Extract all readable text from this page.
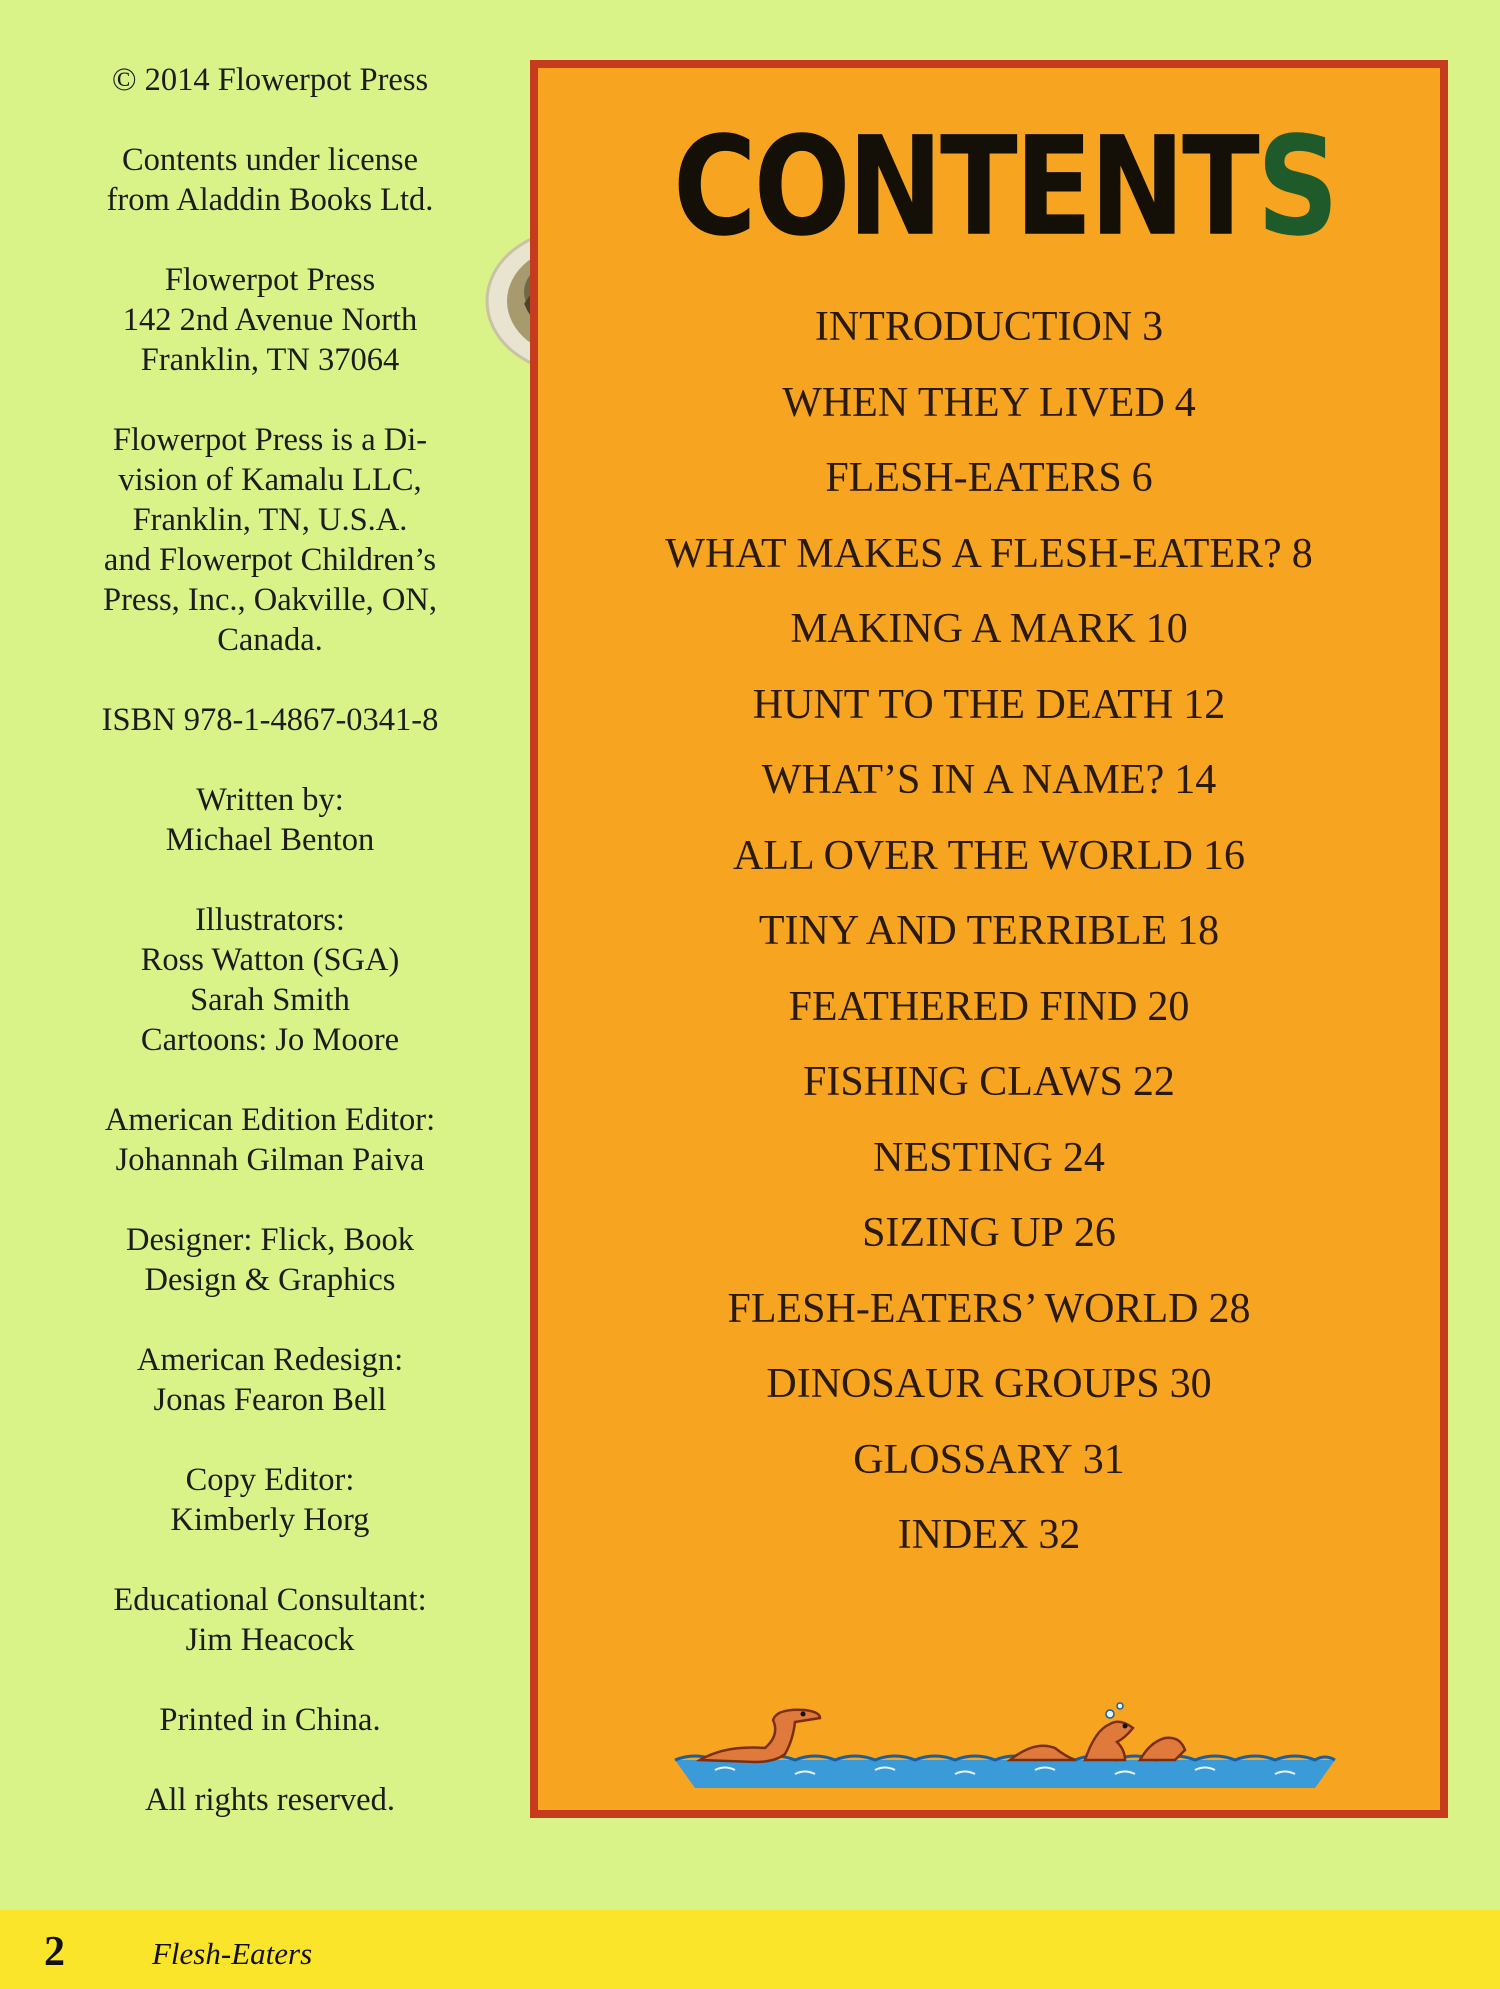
© 2014 Flowerpot Press

Contents under license

from Aladdin Books Ltd.

Flowerpot Press

142 2nd Avenue North

Franklin, TN 37064

Flowerpot Press is a Di-

vision of Kamalu LLC,

Franklin, TN, U.S.A.

and Flowerpot Children’s

Press, Inc., Oakville, ON,

Canada.

ISBN 978-1-4867-0341-8

Written by:

Michael Benton

Illustrators:

Ross Watton (SGA)

Sarah Smith

Cartoons: Jo Moore

American Edition Editor:

Johannah Gilman Paiva

Designer: Flick, Book

Design & Graphics

American Redesign:

Jonas Fearon Bell

Copy Editor:

Kimberly Horg

Educational Consultant:

Jim Heacock

Printed in China.

All rights reserved.

CONTENTS
INTRODUCTION 3
WHEN THEY LIVED 4
FLESH-EATERS 6
WHAT MAKES A FLESH-EATER? 8
MAKING A MARK 10
HUNT TO THE DEATH 12
WHAT’S IN A NAME? 14
ALL OVER THE WORLD 16
TINY AND TERRIBLE 18
FEATHERED FIND 20
FISHING CLAWS 22
NESTING 24
SIZING UP 26
FLESH-EATERS’ WORLD 28
DINOSAUR GROUPS 30
GLOSSARY 31
INDEX 32

2	Flesh-Eaters
